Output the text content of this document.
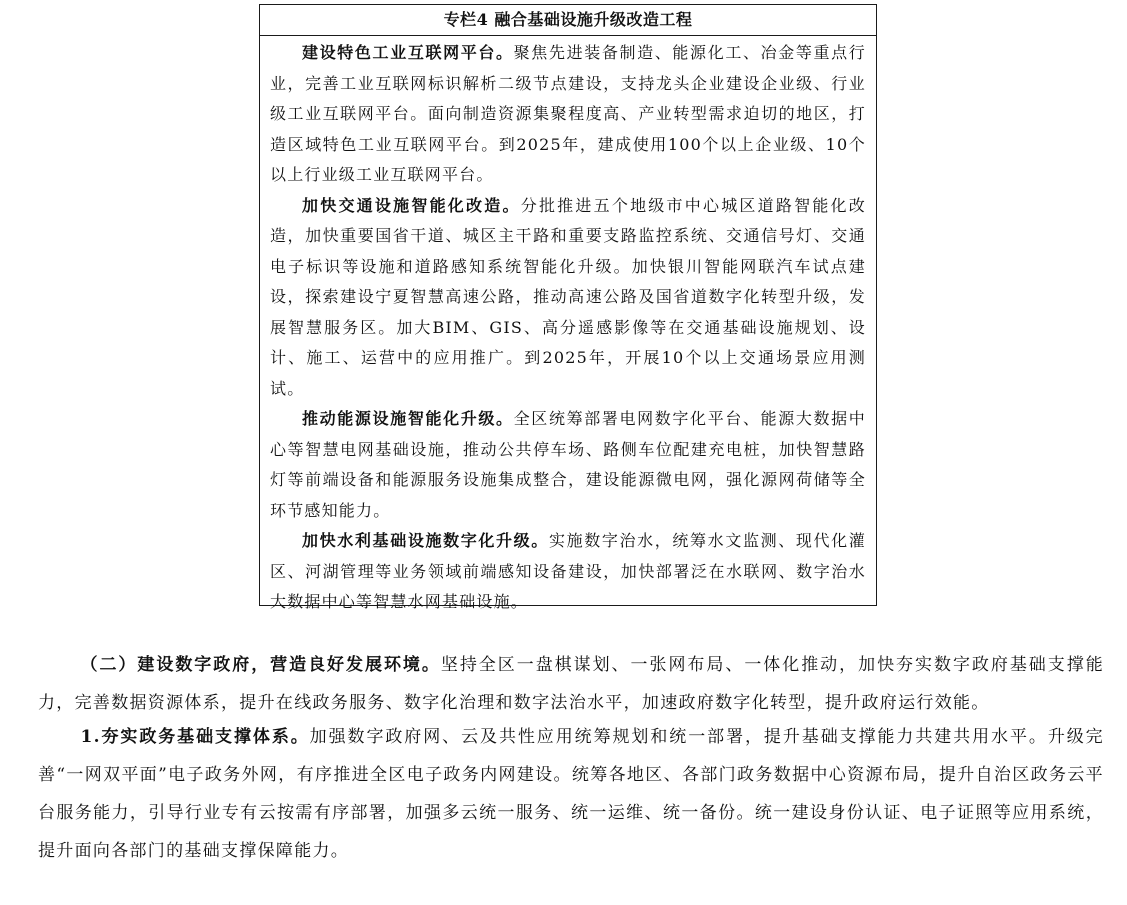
专栏4 融合基础设施升级改造工程

建设特色工业互联网平台。聚焦先进装备制造、能源化工、冶金等重点行业，完善工业互联网标识解析二级节点建设，支持龙头企业建设企业级、行业级工业互联网平台。面向制造资源集聚程度高、产业转型需求迫切的地区，打造区域特色工业互联网平台。到2025年，建成使用100个以上企业级、10个以上行业级工业互联网平台。

加快交通设施智能化改造。分批推进五个地级市中心城区道路智能化改造，加快重要国省干道、城区主干路和重要支路监控系统、交通信号灯、交通电子标识等设施和道路感知系统智能化升级。加快银川智能网联汽车试点建设，探索建设宁夏智慧高速公路，推动高速公路及国省道数字化转型升级，发展智慧服务区。加大BIM、GIS、高分遥感影像等在交通基础设施规划、设计、施工、运营中的应用推广。到2025年，开展10个以上交通场景应用测试。

推动能源设施智能化升级。全区统筹部署电网数字化平台、能源大数据中心等智慧电网基础设施，推动公共停车场、路侧车位配建充电桩，加快智慧路灯等前端设备和能源服务设施集成整合，建设能源微电网，强化源网荷储等全环节感知能力。

加快水利基础设施数字化升级。实施数字治水，统筹水文监测、现代化灌区、河湖管理等业务领域前端感知设备建设，加快部署泛在水联网、数字治水大数据中心等智慧水网基础设施。

（二）建设数字政府，营造良好发展环境。坚持全区一盘棋谋划、一张网布局、一体化推动，加快夯实数字政府基础支撑能力，完善数据资源体系，提升在线政务服务、数字化治理和数字法治水平，加速政府数字化转型，提升政府运行效能。

1.夯实政务基础支撑体系。加强数字政府网、云及共性应用统筹规划和统一部署，提升基础支撑能力共建共用水平。升级完善“一网双平面”电子政务外网，有序推进全区电子政务内网建设。统筹各地区、各部门政务数据中心资源布局，提升自治区政务云平台服务能力，引导行业专有云按需有序部署，加强多云统一服务、统一运维、统一备份。统一建设身份认证、电子证照等应用系统，提升面向各部门的基础支撑保障能力。
